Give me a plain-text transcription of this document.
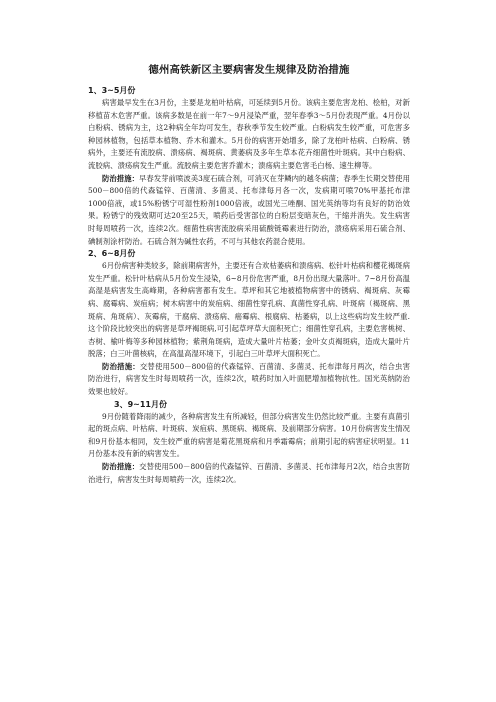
德州高铁新区主要病害发生规律及防治措施
1、3~5月份

病害最早发生在3月份，主要是龙柏叶枯病，可延续到5月份。该病主要危害龙柏、桧柏，对新移植苗木危害严重。该病多数是在前一年7～9月浸染严重，翌年春季3～5月份表现严重。4月份以白粉病、锈病为主，这2种病全年均可发生，春秋季节发生较严重。白粉病发生较严重，可危害多种园林植物，包括草本植物、乔木和灌木。5月份的病害开始增多，除了龙柏叶枯病、白粉病、锈病外，主要还有流胶病、溃疡病、褐斑病、黄萎病及多年生草本花卉细菌性叶斑病。其中白粉病、流胶病、溃疡病发生严重。流胶病主要危害乔灌木；溃疡病主要危害毛白杨、速生柳等。

防治措施：早春发芽前喷波美3度石硫合剂，可消灭在芽鳞内的越冬病菌；春季生长期交替使用500－800倍的代森锰锌、百菌清、多菌灵、托布津每月各一次，发病期可喷70%甲基托布津1000倍液，或15%粉锈宁可湿性粉剂1000倍液，或国光三唑酮、国光英纳等均有良好的防治效果。粉锈宁的残效期可达20至25天，喷药后受害部位的白粉层变暗灰色，干缩并消失。发生病害时每周喷药一次，连续2次。细菌性病害流胶病采用硫酸链霉素进行防治，溃疡病采用石硫合剂、碘制剂涂杆防治。石硫合剂为碱性农药，不可与其他农药混合使用。

2、6~8月份

6月份病害种类较多，除前期病害外，主要还有合欢枯萎病和溃疡病、松针叶枯病和樱花褐斑病发生严重。松针叶枯病从5月份发生浸染，6~8月份危害严重，8月份出现大量落叶。7~8月份高温高湿是病害发生高峰期，各种病害都有发生。草坪和其它地被植物病害中的锈病、褐斑病、灰霉病、腐霉病、炭疽病；树木病害中的炭疽病、细菌性穿孔病、真菌性穿孔病、叶斑病（褐斑病、黑斑病、角斑病）、灰霉病，干腐病、溃疡病、癌霉病、根腐病、枯萎病，以上这些病均发生较严重.这个阶段比较突出的病害是草坪褐斑病,可引起草坪草大面积死亡；细菌性穿孔病，主要危害桃树、杏树、榆叶梅等多种园林植物；紫荆角斑病，造成大量叶片枯萎；金叶女贞褐斑病，造成大量叶片脱落；白三叶菌核病，在高温高湿环境下，引起白三叶草坪大面积死亡。

防治措施：交替使用500－800倍的代森锰锌、百菌清、多菌灵、托布津每月两次，结合虫害防治进行，病害发生时每周喷药一次，连续2次，喷药时加入叶面肥增加植物抗性。国光英纳防治效果也较好。

3、9~11月份

9月份随着降雨的减少，各种病害发生有所减轻，但部分病害发生仍然比较严重。主要有真菌引起的斑点病、叶枯病、叶斑病、炭疽病、黑斑病、褐斑病、及前期部分病害。10月份病害发生情况和9月份基本相同，发生较严重的病害是菊花黑斑病和月季霜霉病；前期引起的病害症状明显。11月份基本没有新的病害发生。

防治措施：交替使用500－800倍的代森锰锌、百菌清、多菌灵、托布津每月2次，结合虫害防治进行，病害发生时每周喷药一次，连续2次。
